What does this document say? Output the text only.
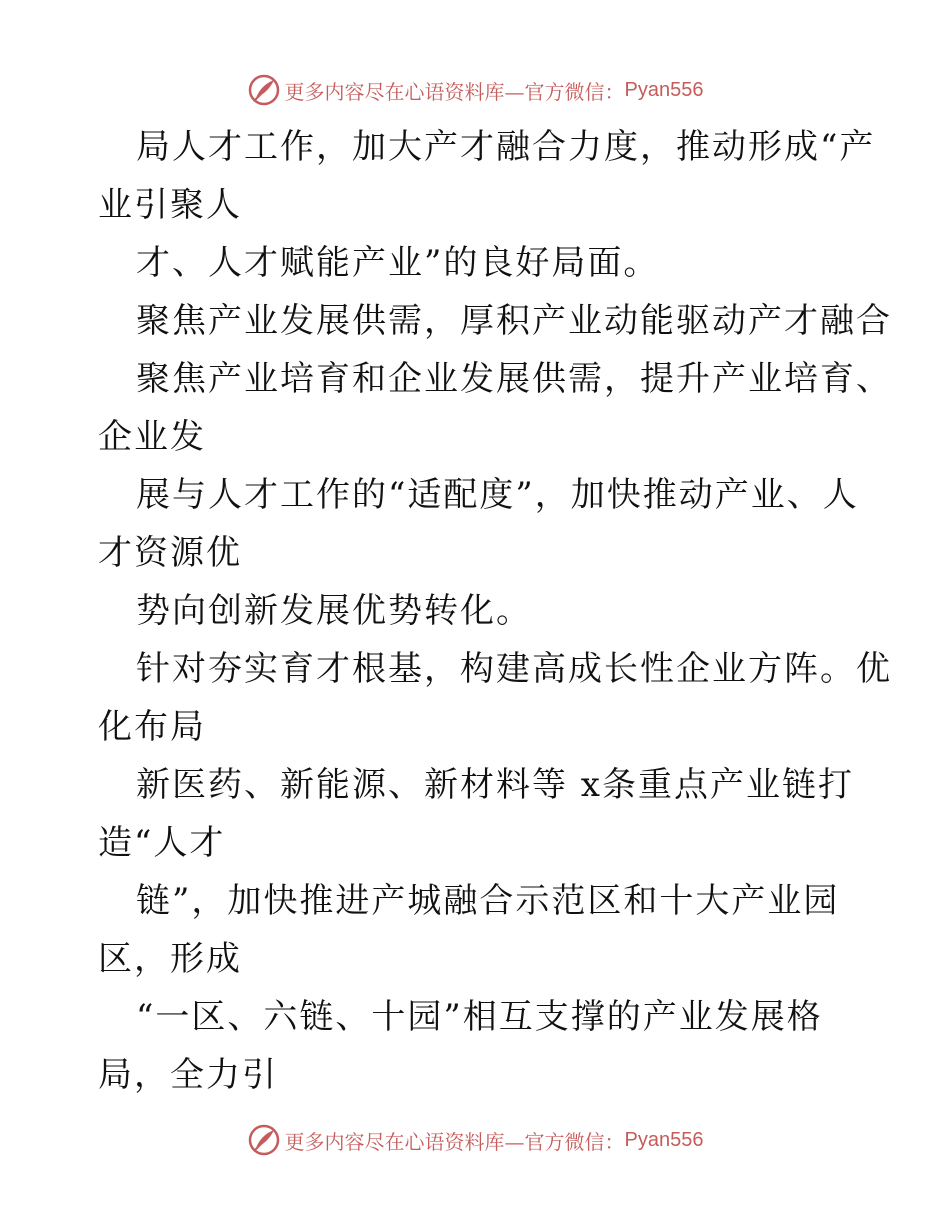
更多内容尽在心语资料库—官方微信： Pyan556
局人才工作，加大产才融合力度，推动形成“产
业引聚人
才、人才赋能产业”的良好局面。
聚焦产业发展供需，厚积产业动能驱动产才融合
聚焦产业培育和企业发展供需，提升产业培育、
企业发
展与人才工作的“适配度”，加快推动产业、人
才资源优
势向创新发展优势转化。
针对夯实育才根基，构建高成长性企业方阵。优
化布局
新医药、新能源、新材料等 x条重点产业链打
造“人才
链”，加快推进产城融合示范区和十大产业园
区，形成
“一区、六链、十园”相互支撑的产业发展格
局，全力引
更多内容尽在心语资料库—官方微信： Pyan556
